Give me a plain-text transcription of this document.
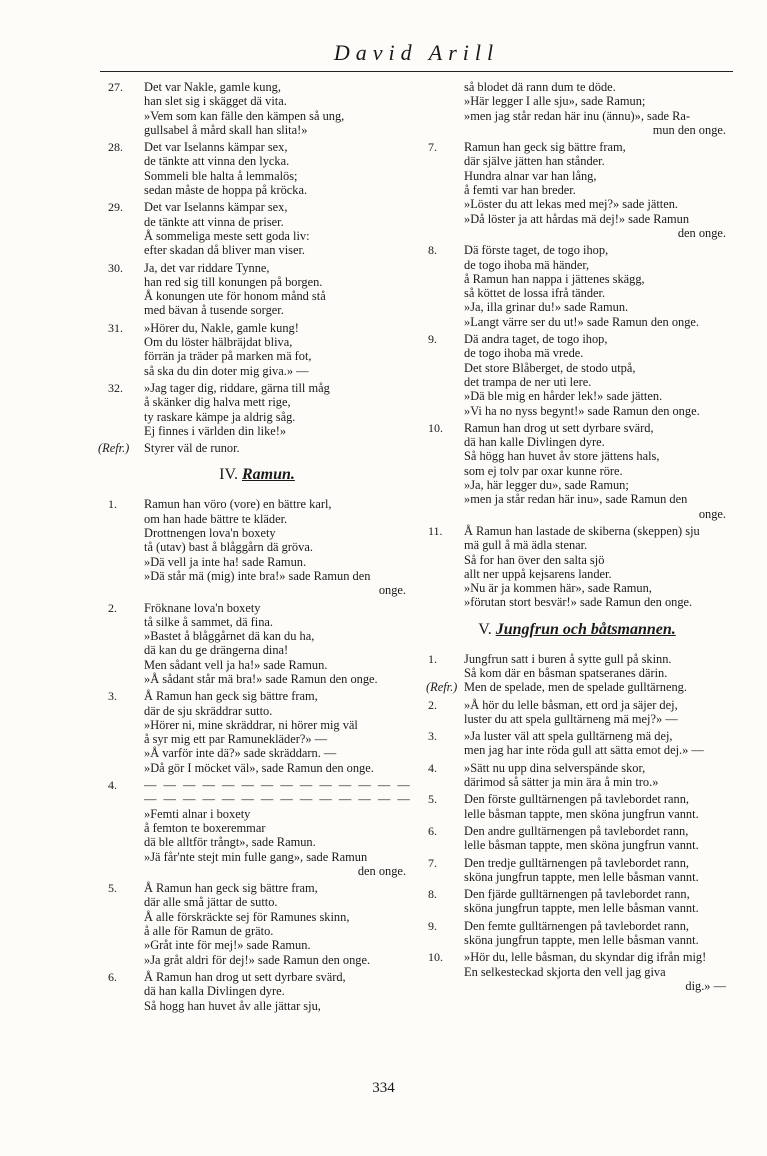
David Arill
27.	Det var Nakle, gamle kung,
han slet sig i skägget dä vita.
»Vem som kan fälle den kämpen så ung,
gullsabel å mård skall han slita!»
28.	Det var Iselanns kämpar sex,
de tänkte att vinna den lycka.
Sommeli ble halta å lemmalös;
sedan måste de hoppa på kröcka.
29.	Det var Iselanns kämpar sex,
de tänkte att vinna de priser.
Å sommeliga meste sett goda liv:
efter skadan då bliver man viser.
30.	Ja, det var riddare Tynne,
han red sig till konungen på borgen.
Å konungen ute för honom månd stå
med bävan å tusende sorger.
31.	»Hörer du, Nakle, gamle kung!
Om du löster hälbräjdat bliva,
förrän ja träder på marken mä fot,
så ska du din doter mig giva.» —
32.	»Jag tager dig, riddare, gärna till måg
å skänker dig halva mett rige,
ty raskare kämpe ja aldrig såg.
Ej finnes i världen din like!»
(Refr.) Styrer väl de runor.
IV. Ramun.
1.	Ramun han vöro (vore) en bättre karl,
om han hade bättre te kläder.
Drottnengen lova'n boxety
tå (utav) bast å blåggårn dä gröva.
»Dä vell ja inte ha! sade Ramun.
»Dä står mä (mig) inte bra!» sade Ramun den
onge.
2.	Fröknane lova'n boxety
tå silke å sammet, dä fina.
»Bastet å blåggårnet dä kan du ha,
dä kan du ge drängerna dina!
Men sådant vell ja ha!» sade Ramun.
»Å sådant står mä bra!» sade Ramun den onge.
3.	Å Ramun han geck sig bättre fram,
där de sju skräddrar sutto.
»Hörer ni, mine skräddrar, ni hörer mig väl
å syr mig ett par Ramunekläder?» —
»Å varför inte dä?» sade skräddarn. —
»Då gör I möcket väl», sade Ramun den onge.
4.	— — — — — — — — — — — — — —
— — — — — — — — — — — — — —
»Femti alnar i boxety
å femton te boxeremmar
dä ble alltför trångt», sade Ramun.
»Jä får'nte stejt min fulle gang», sade Ramun
den onge.
5.	Å Ramun han geck sig bättre fram,
där alle små jättar de sutto.
Å alle förskräckte sej för Ramunes skinn,
å alle för Ramun de gräto.
»Gråt inte för mej!» sade Ramun.
»Ja gråt aldri för dej!» sade Ramun den onge.
6.	Å Ramun han drog ut sett dyrbare svärd,
dä han kalla Divlingen dyre.
Så hogg han huvet åv alle jättar sju,
så blodet dä rann dum te döde.
»Här legger I alle sju», sade Ramun;
»men jag står redan här inu (ännu)», sade Ra-
mun den onge.
7.	Ramun han geck sig bättre fram,
där själve jätten han stånder.
Hundra alnar var han lång,
å femti var han breder.
»Löster du att lekas med mej?» sade jätten.
»Då löster ja att hårdas mä dej!» sade Ramun
den onge.
8.	Dä förste taget, de togo ihop,
de togo ihoba mä händer,
å Ramun han nappa i jättenes skägg,
så köttet de lossa ifrå tänder.
»Ja, illa grinar du!» sade Ramun.
»Langt värre ser du ut!» sade Ramun den onge.
9.	Dä andra taget, de togo ihop,
de togo ihoba mä vrede.
Det store Blåberget, de stodo utpå,
det trampa de ner uti lere.
»Dä ble mig en hårder lek!» sade jätten.
»Vi ha no nyss begynt!» sade Ramun den onge.
10.	Ramun han drog ut sett dyrbare svärd,
dä han kalle Divlingen dyre.
Så högg han huvet åv store jättens hals,
som ej tolv par oxar kunne röre.
»Ja, här legger du», sade Ramun;
»men ja står redan här inu», sade Ramun den
onge.
11.	Å Ramun han lastade de skiberna (skeppen) sju
mä gull å mä ädla stenar.
Så for han över den salta sjö
allt ner uppå kejsarens lander.
»Nu är ja kommen här», sade Ramun,
»förutan stort besvär!» sade Ramun den onge.
V. Jungfrun och båtsmannen.
1.	Jungfrun satt i buren å sytte gull på skinn.
Så kom där en båsman spatseranes därin.
(Refr.) Men de spelade, men de spelade gulltärneng.
2.	»Å hör du lelle båsman, ett ord ja säjer dej,
luster du att spela gulltärneng mä mej?» —
3.	»Ja luster väl att spela gulltärneng mä dej,
men jag har inte röda gull att sätta emot dej.» —
4.	»Sätt nu upp dina selverspände skor,
därimod så sätter ja min ära å min tro.»
5.	Den förste gulltärnengen på tavlebordet rann,
lelle båsman tappte, men sköna jungfrun vannt.
6.	Den andre gulltärnengen på tavlebordet rann,
lelle båsman tappte, men sköna jungfrun vannt.
7.	Den tredje gulltärnengen på tavlebordet rann,
sköna jungfrun tappte, men lelle båsman vannt.
8.	Den fjärde gulltärnengen på tavlebordet rann,
sköna jungfrun tappte, men lelle båsman vannt.
9.	Den femte gulltärnengen på tavlebordet rann,
sköna jungfrun tappte, men lelle båsman vannt.
10.	»Hör du, lelle båsman, du skyndar dig ifrån mig!
En selkesteckad skjorta den vell jag giva
dig.» —
334
